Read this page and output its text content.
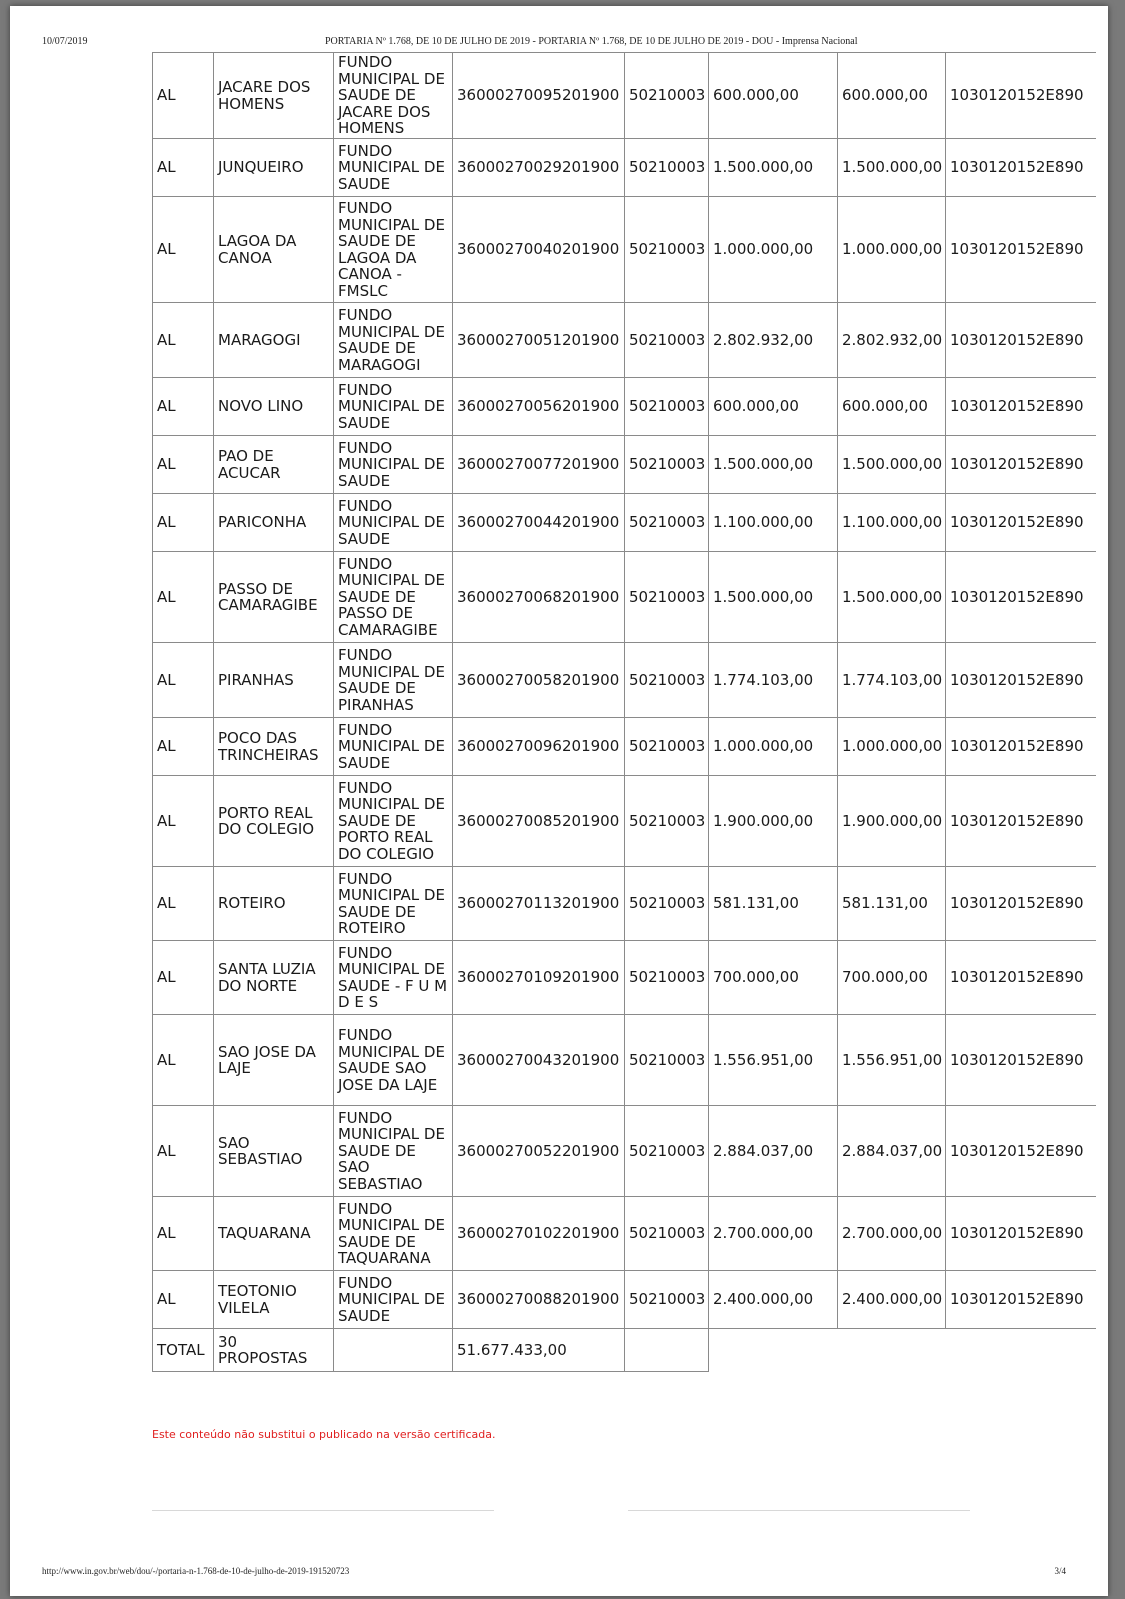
10/07/2019	PORTARIA Nº 1.768, DE 10 DE JULHO DE 2019 - PORTARIA Nº 1.768, DE 10 DE JULHO DE 2019 - DOU - Imprensa Nacional
AL	JACARE DOS HOMENS	FUNDO MUNICIPAL DE SAUDE DE JACARE DOS HOMENS	36000270095201900	50210003	600.000,00	600.000,00	1030120152E890
AL	JUNQUEIRO	FUNDO MUNICIPAL DE SAUDE	36000270029201900	50210003	1.500.000,00	1.500.000,00	1030120152E890
AL	LAGOA DA CANOA	FUNDO MUNICIPAL DE SAUDE DE LAGOA DA CANOA - FMSLC	36000270040201900	50210003	1.000.000,00	1.000.000,00	1030120152E890
AL	MARAGOGI	FUNDO MUNICIPAL DE SAUDE DE MARAGOGI	36000270051201900	50210003	2.802.932,00	2.802.932,00	1030120152E890
AL	NOVO LINO	FUNDO MUNICIPAL DE SAUDE	36000270056201900	50210003	600.000,00	600.000,00	1030120152E890
AL	PAO DE ACUCAR	FUNDO MUNICIPAL DE SAUDE	36000270077201900	50210003	1.500.000,00	1.500.000,00	1030120152E890
AL	PARICONHA	FUNDO MUNICIPAL DE SAUDE	36000270044201900	50210003	1.100.000,00	1.100.000,00	1030120152E890
AL	PASSO DE CAMARAGIBE	FUNDO MUNICIPAL DE SAUDE DE PASSO DE CAMARAGIBE	36000270068201900	50210003	1.500.000,00	1.500.000,00	1030120152E890
AL	PIRANHAS	FUNDO MUNICIPAL DE SAUDE DE PIRANHAS	36000270058201900	50210003	1.774.103,00	1.774.103,00	1030120152E890
AL	POCO DAS TRINCHEIRAS	FUNDO MUNICIPAL DE SAUDE	36000270096201900	50210003	1.000.000,00	1.000.000,00	1030120152E890
AL	PORTO REAL DO COLEGIO	FUNDO MUNICIPAL DE SAUDE DE PORTO REAL DO COLEGIO	36000270085201900	50210003	1.900.000,00	1.900.000,00	1030120152E890
AL	ROTEIRO	FUNDO MUNICIPAL DE SAUDE DE ROTEIRO	36000270113201900	50210003	581.131,00	581.131,00	1030120152E890
AL	SANTA LUZIA DO NORTE	FUNDO MUNICIPAL DE SAUDE - F U M D E S	36000270109201900	50210003	700.000,00	700.000,00	1030120152E890
AL	SAO JOSE DA LAJE	FUNDO MUNICIPAL DE SAUDE SAO JOSE DA LAJE	36000270043201900	50210003	1.556.951,00	1.556.951,00	1030120152E890
AL	SAO SEBASTIAO	FUNDO MUNICIPAL DE SAUDE DE SAO SEBASTIAO	36000270052201900	50210003	2.884.037,00	2.884.037,00	1030120152E890
AL	TAQUARANA	FUNDO MUNICIPAL DE SAUDE DE TAQUARANA	36000270102201900	50210003	2.700.000,00	2.700.000,00	1030120152E890
AL	TEOTONIO VILELA	FUNDO MUNICIPAL DE SAUDE	36000270088201900	50210003	2.400.000,00	2.400.000,00	1030120152E890
TOTAL	30 PROPOSTAS		51.677.433,00				
Este conteúdo não substitui o publicado na versão certificada.
http://www.in.gov.br/web/dou/-/portaria-n-1.768-de-10-de-julho-de-2019-191520723	3/4
